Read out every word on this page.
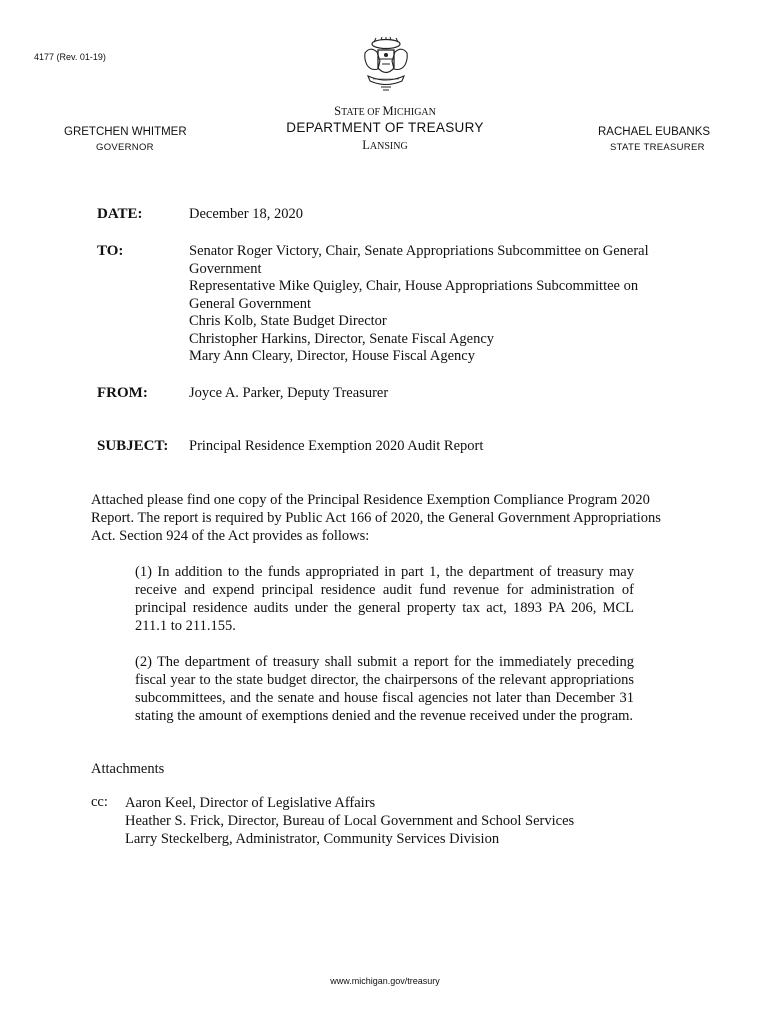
4177 (Rev. 01-19)
STATE OF MICHIGAN
DEPARTMENT OF TREASURY
LANSING
GRETCHEN WHITMER
GOVERNOR
RACHAEL EUBANKS
STATE TREASURER
DATE:	December 18, 2020
TO:	Senator Roger Victory, Chair, Senate Appropriations Subcommittee on General
Government
Representative Mike Quigley, Chair, House Appropriations Subcommittee on
General Government
Chris Kolb, State Budget Director
Christopher Harkins, Director, Senate Fiscal Agency
Mary Ann Cleary, Director, House Fiscal Agency
FROM:	Joyce A. Parker, Deputy Treasurer
SUBJECT: Principal Residence Exemption 2020 Audit Report
Attached please find one copy of the Principal Residence Exemption Compliance Program 2020
Report. The report is required by Public Act 166 of 2020, the General Government Appropriations
Act. Section 924 of the Act provides as follows:
(1) In addition to the funds appropriated in part 1, the department of treasury may receive and expend principal residence audit fund revenue for administration of principal residence audits under the general property tax act, 1893 PA 206, MCL 211.1 to 211.155.
(2) The department of treasury shall submit a report for the immediately preceding fiscal year to the state budget director, the chairpersons of the relevant appropriations subcommittees, and the senate and house fiscal agencies not later than December 31 stating the amount of exemptions denied and the revenue received under the program.
Attachments
cc: Aaron Keel, Director of Legislative Affairs
Heather S. Frick, Director, Bureau of Local Government and School Services
Larry Steckelberg, Administrator, Community Services Division
www.michigan.gov/treasury
